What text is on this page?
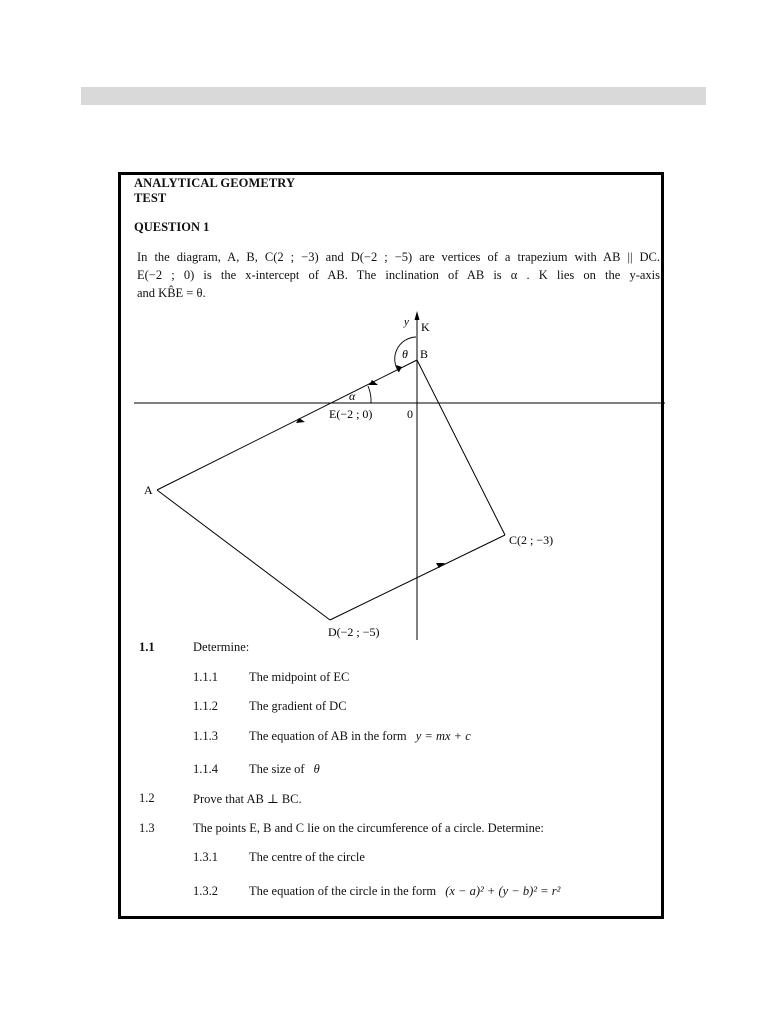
ANALYTICAL GEOMETRY
TEST
QUESTION 1
In the diagram, A, B, C(2 ; −3) and D(−2 ; −5) are vertices of a trapezium with AB || DC.
E(−2 ; 0) is the x-intercept of AB. The inclination of AB is α . K lies on the y-axis
and KB̂E = θ.
y K
B
θ
α
E(−2 ; 0)	0
A
C(2 ; −3)
D(−2 ; −5)
1.1	Determine:
1.1.1 The midpoint of EC
1.1.2 The gradient of DC
1.1.3 The equation of AB in the form y = mx + c
1.1.4 The size of θ
1.2	Prove that AB ⊥ BC.
1.3	The points E, B and C lie on the circumference of a circle. Determine:
1.3.1 The centre of the circle
1.3.2 The equation of the circle in the form (x − a)² + (y − b)² = r²
